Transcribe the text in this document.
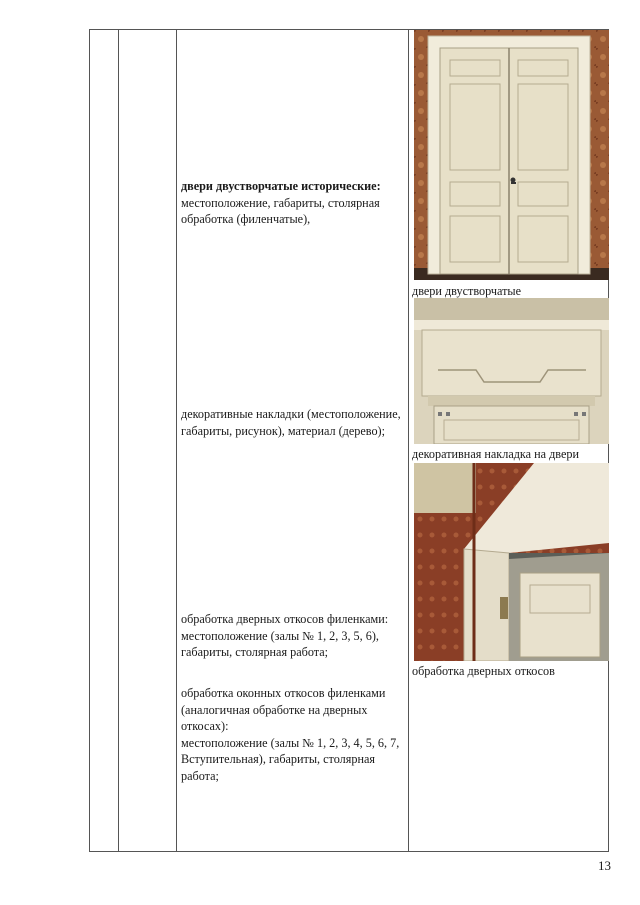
двери двустворчатые исторические: местоположение, габариты, столярная обработка (филенчатые),
двери двустворчатые
декоративные накладки (местоположение, габариты, рисунок), материал (дерево);
декоративная накладка на двери
обработка дверных откосов филенками: местоположение (залы № 1, 2, 3, 5, 6), габариты, столярная работа;
обработка дверных откосов
обработка оконных откосов филенками (аналогичная обработке на дверных откосах):
местоположение (залы № 1, 2, 3, 4, 5, 6, 7, Вступительная), габариты, столярная работа;
13
